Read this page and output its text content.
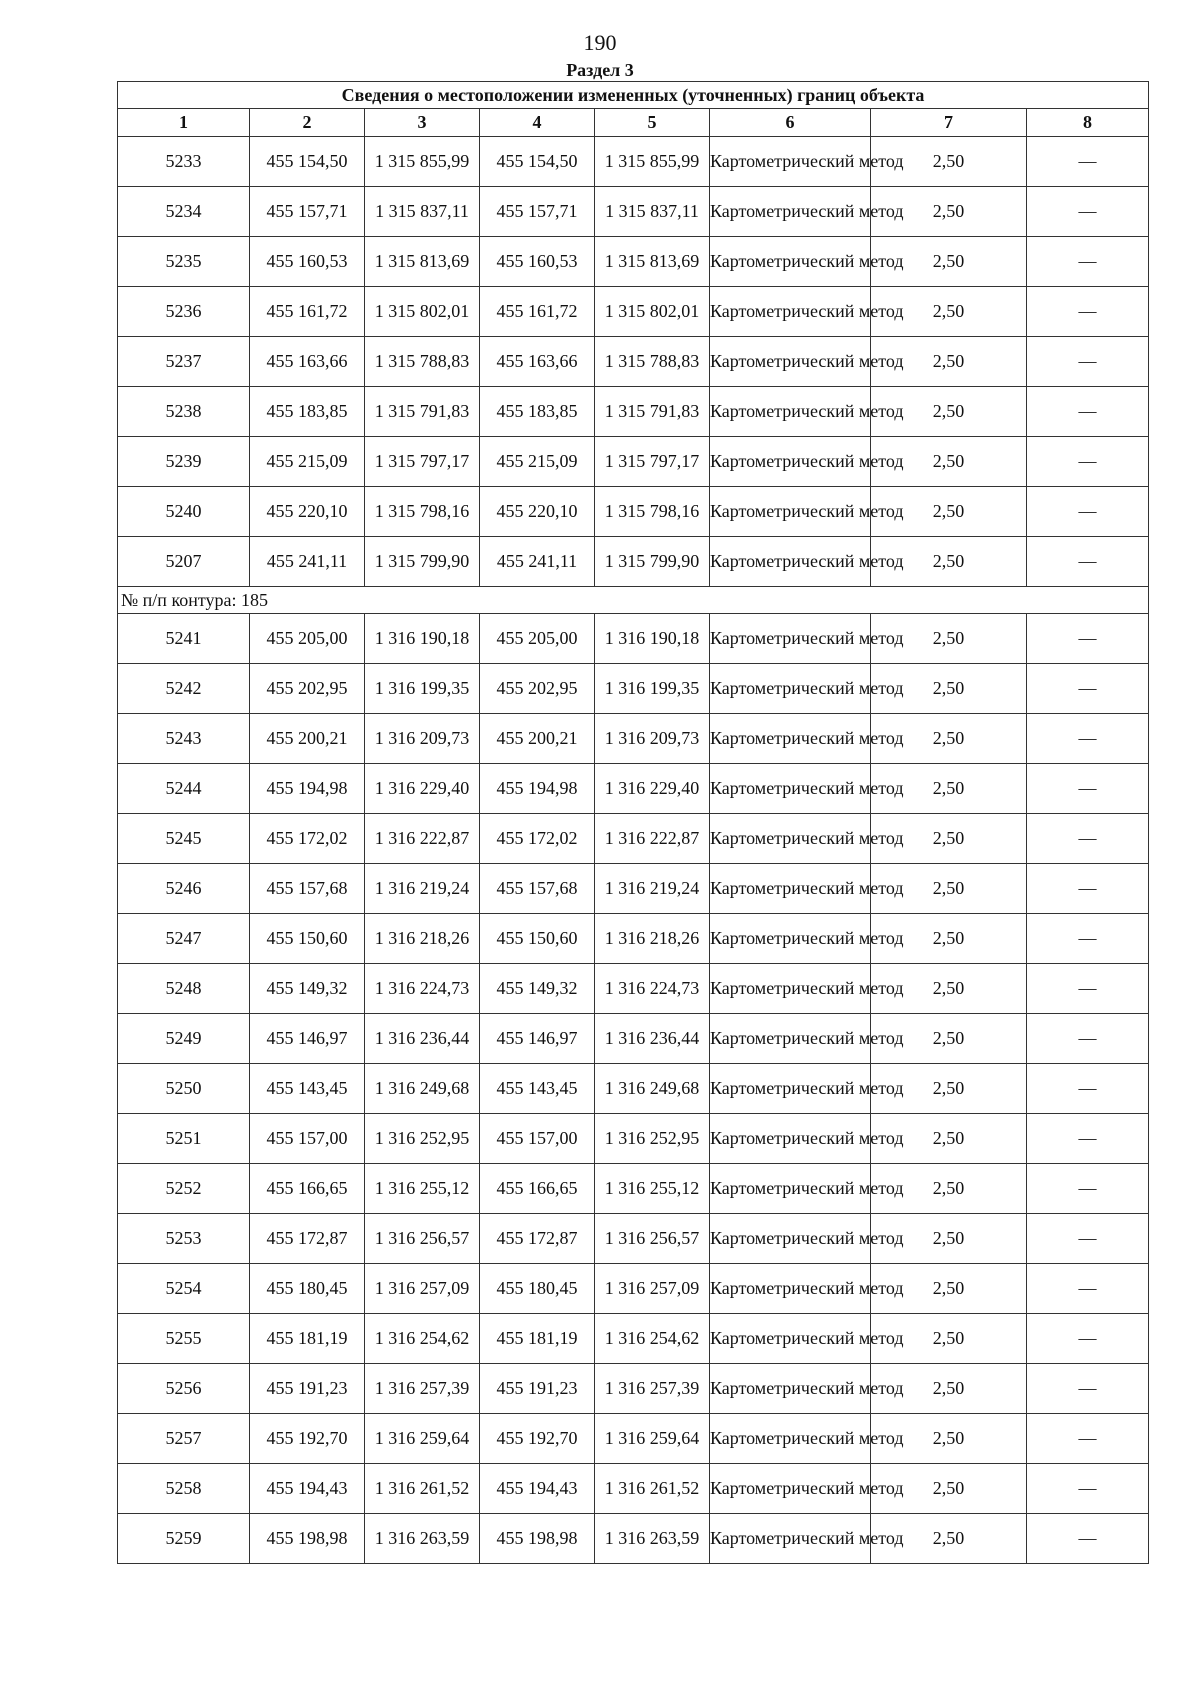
190
Раздел 3
Сведения о местоположении измененных (уточненных) границ объекта							
1	2	3	4	5	6	7	8
5233	455 154,50	1 315 855,99	455 154,50	1 315 855,99	Картометрический метод	2,50	—
5234	455 157,71	1 315 837,11	455 157,71	1 315 837,11	Картометрический метод	2,50	—
5235	455 160,53	1 315 813,69	455 160,53	1 315 813,69	Картометрический метод	2,50	—
5236	455 161,72	1 315 802,01	455 161,72	1 315 802,01	Картометрический метод	2,50	—
5237	455 163,66	1 315 788,83	455 163,66	1 315 788,83	Картометрический метод	2,50	—
5238	455 183,85	1 315 791,83	455 183,85	1 315 791,83	Картометрический метод	2,50	—
5239	455 215,09	1 315 797,17	455 215,09	1 315 797,17	Картометрический метод	2,50	—
5240	455 220,10	1 315 798,16	455 220,10	1 315 798,16	Картометрический метод	2,50	—
5207	455 241,11	1 315 799,90	455 241,11	1 315 799,90	Картометрический метод	2,50	—
№ п/п контура: 185							
5241	455 205,00	1 316 190,18	455 205,00	1 316 190,18	Картометрический метод	2,50	—
5242	455 202,95	1 316 199,35	455 202,95	1 316 199,35	Картометрический метод	2,50	—
5243	455 200,21	1 316 209,73	455 200,21	1 316 209,73	Картометрический метод	2,50	—
5244	455 194,98	1 316 229,40	455 194,98	1 316 229,40	Картометрический метод	2,50	—
5245	455 172,02	1 316 222,87	455 172,02	1 316 222,87	Картометрический метод	2,50	—
5246	455 157,68	1 316 219,24	455 157,68	1 316 219,24	Картометрический метод	2,50	—
5247	455 150,60	1 316 218,26	455 150,60	1 316 218,26	Картометрический метод	2,50	—
5248	455 149,32	1 316 224,73	455 149,32	1 316 224,73	Картометрический метод	2,50	—
5249	455 146,97	1 316 236,44	455 146,97	1 316 236,44	Картометрический метод	2,50	—
5250	455 143,45	1 316 249,68	455 143,45	1 316 249,68	Картометрический метод	2,50	—
5251	455 157,00	1 316 252,95	455 157,00	1 316 252,95	Картометрический метод	2,50	—
5252	455 166,65	1 316 255,12	455 166,65	1 316 255,12	Картометрический метод	2,50	—
5253	455 172,87	1 316 256,57	455 172,87	1 316 256,57	Картометрический метод	2,50	—
5254	455 180,45	1 316 257,09	455 180,45	1 316 257,09	Картометрический метод	2,50	—
5255	455 181,19	1 316 254,62	455 181,19	1 316 254,62	Картометрический метод	2,50	—
5256	455 191,23	1 316 257,39	455 191,23	1 316 257,39	Картометрический метод	2,50	—
5257	455 192,70	1 316 259,64	455 192,70	1 316 259,64	Картометрический метод	2,50	—
5258	455 194,43	1 316 261,52	455 194,43	1 316 261,52	Картометрический метод	2,50	—
5259	455 198,98	1 316 263,59	455 198,98	1 316 263,59	Картометрический метод	2,50	—
